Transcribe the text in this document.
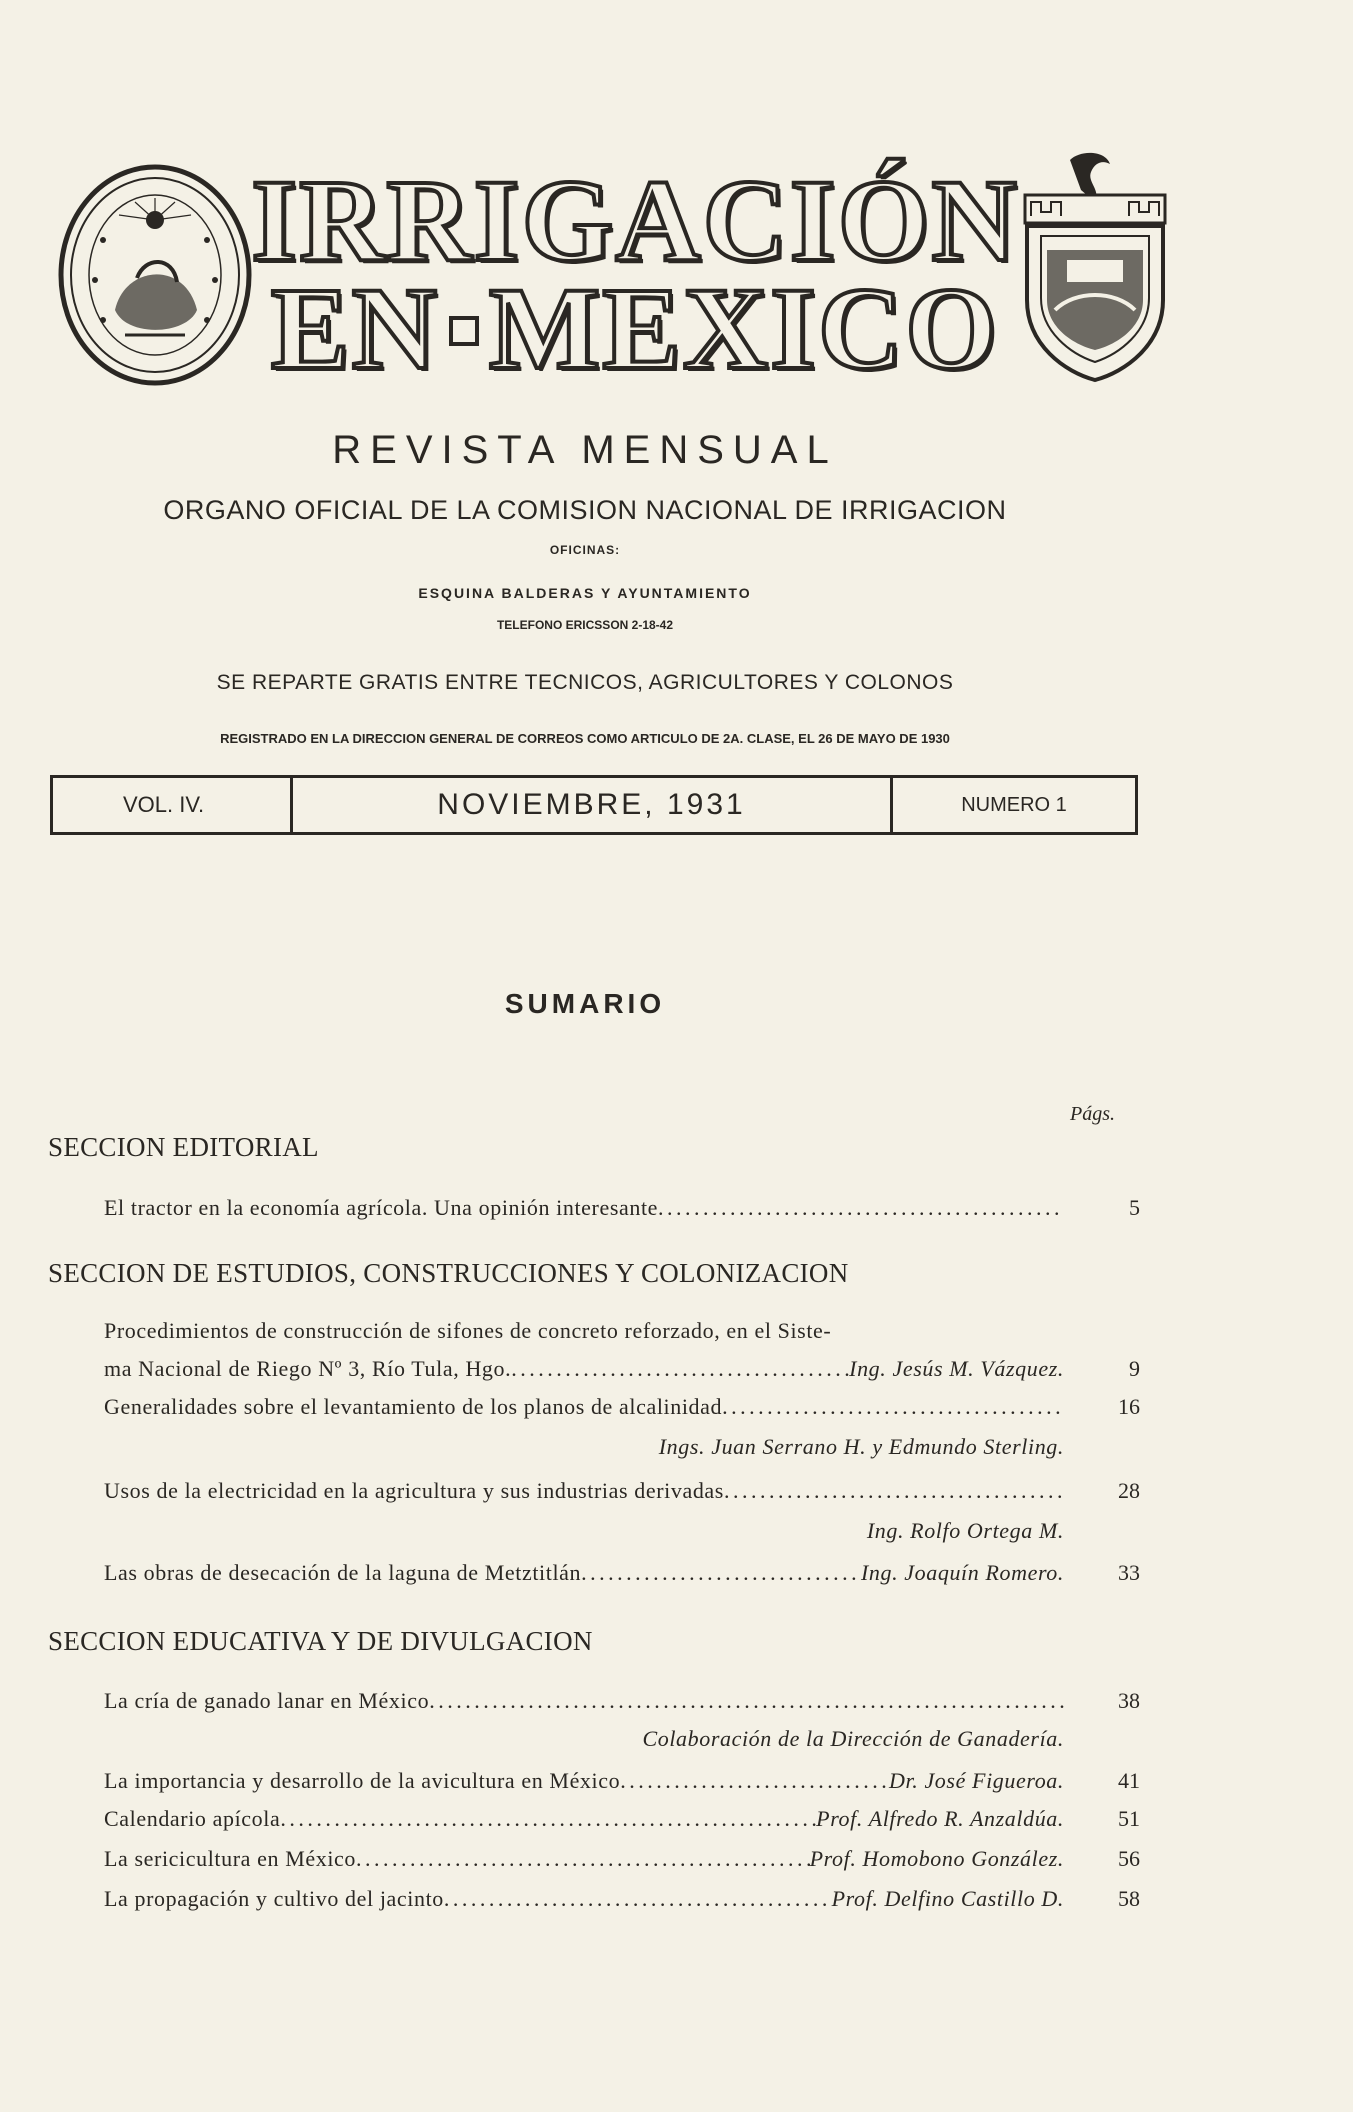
IRRIGACIÓN
EN MEXICO
REVISTA MENSUAL
ORGANO OFICIAL DE LA COMISION NACIONAL DE IRRIGACION
OFICINAS:
ESQUINA BALDERAS Y AYUNTAMIENTO
TELEFONO ERICSSON 2-18-42
SE REPARTE GRATIS ENTRE TECNICOS, AGRICULTORES Y COLONOS
REGISTRADO EN LA DIRECCION GENERAL DE CORREOS COMO ARTICULO DE 2A. CLASE, EL 26 DE MAYO DE 1930
VOL. IV.	NOVIEMBRE, 1931	NUMERO 1
SUMARIO
Págs.
SECCION EDITORIAL
El tractor en la economía agrícola. Una opinión interesante . . .	5
SECCION DE ESTUDIOS, CONSTRUCCIONES Y COLONIZACION
Procedimientos de construcción de sifones de concreto reforzado, en el Siste-
ma Nacional de Riego Nº 3, Río Tula, Hgo. . . .	Ing. Jesús M. Vázquez.	9
Generalidades sobre el levantamiento de los planos de alcalinidad . . .	16
Ings. Juan Serrano H. y Edmundo Sterling.
Usos de la electricidad en la agricultura y sus industrias derivadas . . .	28
Ing. Rolfo Ortega M.
Las obras de desecación de la laguna de Metztitlán . . .	Ing. Joaquín Romero.	33
SECCION EDUCATIVA Y DE DIVULGACION
La cría de ganado lanar en México . . .	38
Colaboración de la Dirección de Ganadería.
La importancia y desarrollo de la avicultura en México . . .	Dr. José Figueroa.	41
Calendario apícola . . .	Prof. Alfredo R. Anzaldúa.	51
La sericicultura en México . . .	Prof. Homobono González.	56
La propagación y cultivo del jacinto . . .	Prof. Delfino Castillo D.	58
